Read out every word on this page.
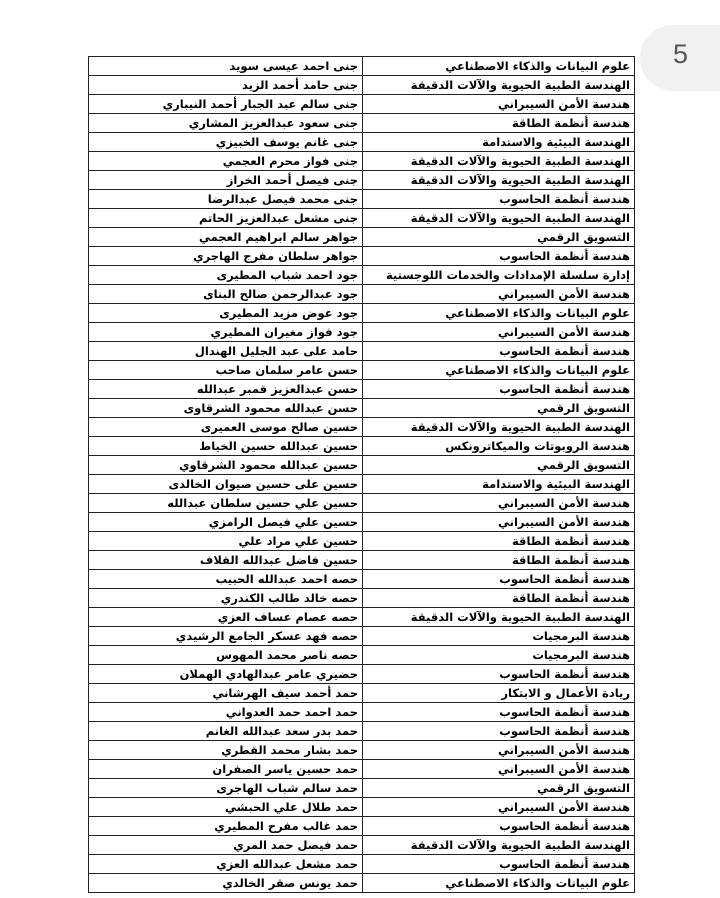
5
علوم البيانات والذكاء الاصطناعي	جنى احمد عيسى سويد
الهندسة الطبية الحيوية والآلات الدقيقة	جنى حامد أحمد الزيد
هندسة الأمن السيبراني	جنى سالم عبد الجبار أحمد النيباري
هندسة أنظمة الطاقة	جنى سعود عبدالعزيز المشاري
الهندسة البيئية والاستدامة	جنى غانم يوسف الخبيزي
الهندسة الطبية الحيوية والآلات الدقيقة	جنى فواز محرم العجمي
الهندسة الطبية الحيوية والآلات الدقيقة	جنى فيصل أحمد الخراز
هندسة أنظمة الحاسوب	جنى محمد فيصل عبدالرضا
الهندسة الطبية الحيوية والآلات الدقيقة	جنى مشعل عبدالعزيز الحاتم
التسويق الرقمي	جواهر سالم ابراهيم العجمي
هندسة أنظمة الحاسوب	جواهر سلطان مفرج الهاجري
إدارة سلسلة الإمدادات والخدمات اللوجستية	جود احمد شباب المطيرى
هندسة الأمن السيبراني	جود عبدالرحمن صالح البناى
علوم البيانات والذكاء الاصطناعي	جود عوض مزيد المطيرى
هندسة الأمن السيبراني	جود فواز مغيران المطيري
هندسة أنظمة الحاسوب	حامد على عبد الجليل الهندال
علوم البيانات والذكاء الاصطناعي	حسن عامر سلمان صاحب
هندسة أنظمة الحاسوب	حسن عبدالعزيز قمبر عبدالله
التسويق الرقمي	حسن عبدالله محمود الشرقاوى
الهندسة الطبية الحيوية والآلات الدقيقة	حسين صالح موسى العميرى
هندسة الروبوتات والميكاترونكس	حسين عبدالله حسين الخياط
التسويق الرقمي	حسين عبدالله محمود الشرقاوي
الهندسة البيئية والاستدامة	حسين على حسين صيوان الخالدى
هندسة الأمن السيبراني	حسين علي حسين سلطان عبدالله
هندسة الأمن السيبراني	حسين علي فيصل الرامزي
هندسة أنظمة الطاقة	حسين علي مراد علي
هندسة أنظمة الطاقة	حسين فاضل عبدالله القلاف
هندسة أنظمة الحاسوب	حصه احمد عبدالله الحبيب
هندسة أنظمة الطاقة	حصه خالد طالب الكندري
الهندسة الطبية الحيوية والآلات الدقيقة	حصه عصام عساف العزي
هندسة البرمجيات	حصه فهد عسكر الجامع الرشيدي
هندسة البرمجيات	حصه ناصر محمد المهوس
هندسة أنظمة الحاسوب	حضيري عامر عبدالهادي الهملان
ريادة الأعمال و الابتكار	حمد أحمد سيف الهرشاني
هندسة أنظمة الحاسوب	حمد احمد حمد العدواني
هندسة أنظمة الحاسوب	حمد بدر سعد عبدالله الغانم
هندسة الأمن السيبراني	حمد بشار محمد القطري
هندسة الأمن السيبراني	حمد حسين ياسر الصفران
التسويق الرقمي	حمد سالم شباب الهاجرى
هندسة الأمن السيبراني	حمد طلال علي الحبشي
هندسة أنظمة الحاسوب	حمد غالب مفرح المطيري
الهندسة الطبية الحيوية والآلات الدقيقة	حمد فيصل حمد المري
هندسة أنظمة الحاسوب	حمد مشعل عبدالله العزي
علوم البيانات والذكاء الاصطناعي	حمد يونس صقر الخالدي
